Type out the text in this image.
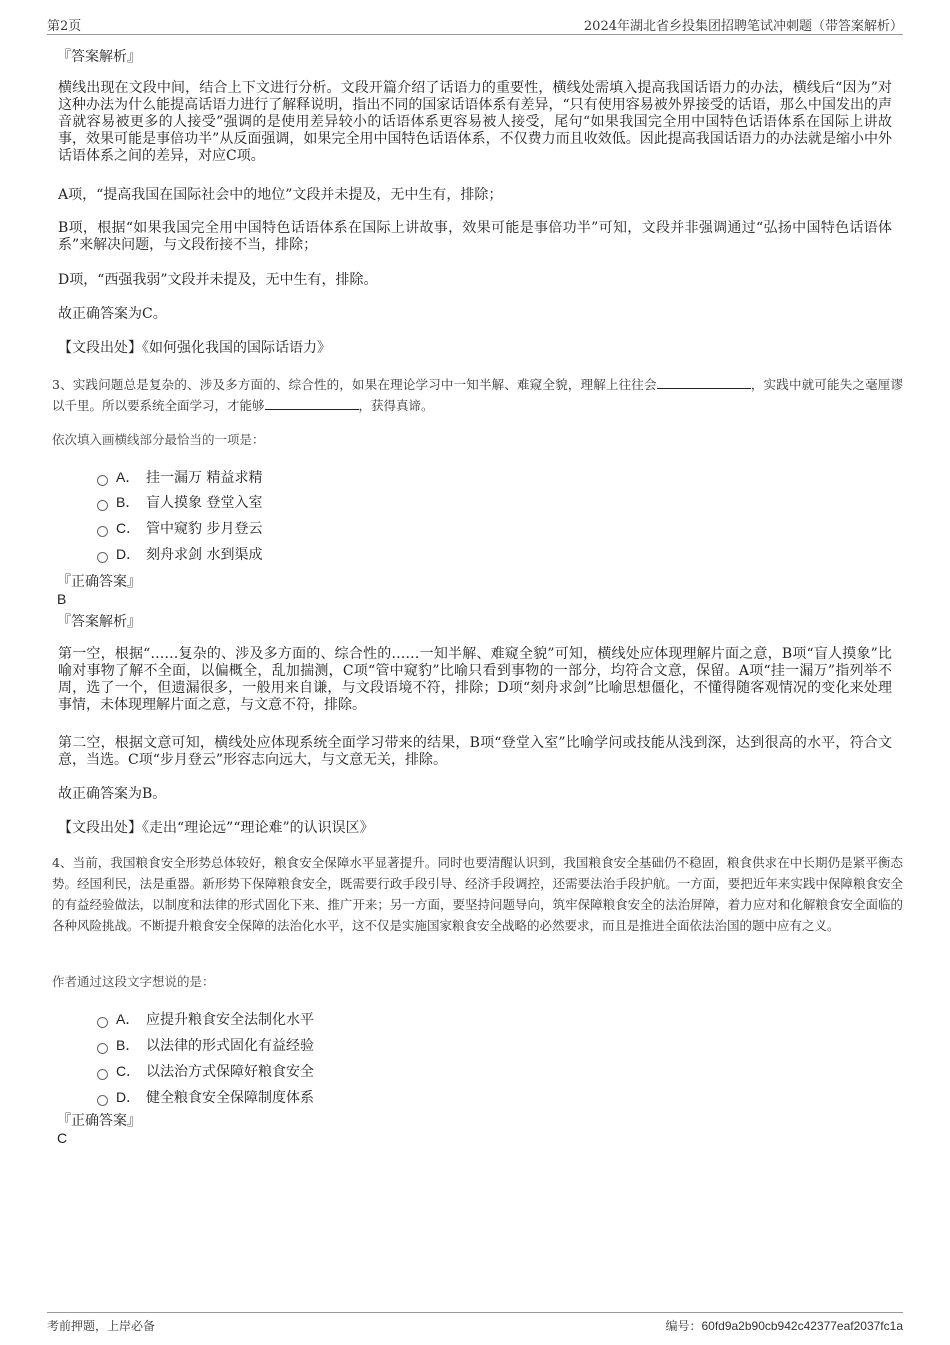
第2页	2024年湖北省乡投集团招聘笔试冲刺题（带答案解析）
『答案解析』
横线出现在文段中间，结合上下文进行分析。文段开篇介绍了话语力的重要性，横线处需填入提高我国话语力的办法，横线后“因为”对这种办法为什么能提高话语力进行了解释说明，指出不同的国家话语体系有差异，“只有使用容易被外界接受的话语，那么中国发出的声音就容易被更多的人接受”强调的是使用差异较小的话语体系更容易被人接受，尾句“如果我国完全用中国特色话语体系在国际上讲故事，效果可能是事倍功半”从反面强调，如果完全用中国特色话语体系，不仅费力而且收效低。因此提高我国话语力的办法就是缩小中外话语体系之间的差异，对应C项。
A项，“提高我国在国际社会中的地位”文段并未提及，无中生有，排除；
B项，根据“如果我国完全用中国特色话语体系在国际上讲故事，效果可能是事倍功半”可知，文段并非强调通过“弘扬中国特色话语体系”来解决问题，与文段衔接不当，排除；
D项，“西强我弱”文段并未提及，无中生有，排除。
故正确答案为C。
【文段出处】《如何强化我国的国际话语力》
3、实践问题总是复杂的、涉及多方面的、综合性的，如果在理论学习中一知半解、难窥全貌，理解上往往会	，实践中就可能失之毫厘谬以千里。所以要系统全面学习，才能够	，获得真谛。
依次填入画横线部分最恰当的一项是：
A． 挂一漏万 精益求精
B． 盲人摸象 登堂入室
C． 管中窥豹 步月登云
D． 刻舟求剑 水到渠成
『正确答案』
B
『答案解析』
第一空，根据“……复杂的、涉及多方面的、综合性的……一知半解、难窥全貌”可知，横线处应体现理解片面之意，B项“盲人摸象”比喻对事物了解不全面，以偏概全，乱加揣测，C项“管中窥豹”比喻只看到事物的一部分，均符合文意，保留。A项“挂一漏万”指列举不周，选了一个，但遗漏很多，一般用来自谦，与文段语境不符，排除；D项“刻舟求剑”比喻思想僵化，不懂得随客观情况的变化来处理事情，未体现理解片面之意，与文意不符，排除。
第二空，根据文意可知，横线处应体现系统全面学习带来的结果，B项“登堂入室”比喻学问或技能从浅到深，达到很高的水平，符合文意，当选。C项“步月登云”形容志向远大，与文意无关，排除。
故正确答案为B。
【文段出处】《走出“理论远”“理论难”的认识误区》
4、当前，我国粮食安全形势总体较好，粮食安全保障水平显著提升。同时也要清醒认识到，我国粮食安全基础仍不稳固，粮食供求在中长期仍是紧平衡态势。经国利民，法是重器。新形势下保障粮食安全，既需要行政手段引导、经济手段调控，还需要法治手段护航。一方面，要把近年来实践中保障粮食安全的有益经验做法，以制度和法律的形式固化下来、推广开来；另一方面，要坚持问题导向，筑牢保障粮食安全的法治屏障，着力应对和化解粮食安全面临的各种风险挑战。不断提升粮食安全保障的法治化水平，这不仅是实施国家粮食安全战略的必然要求，而且是推进全面依法治国的题中应有之义。
作者通过这段文字想说的是：
A． 应提升粮食安全法制化水平
B． 以法律的形式固化有益经验
C． 以法治方式保障好粮食安全
D． 健全粮食安全保障制度体系
『正确答案』
C
考前押题，上岸必备	编号：60fd9a2b90cb942c42377eaf2037fc1a
